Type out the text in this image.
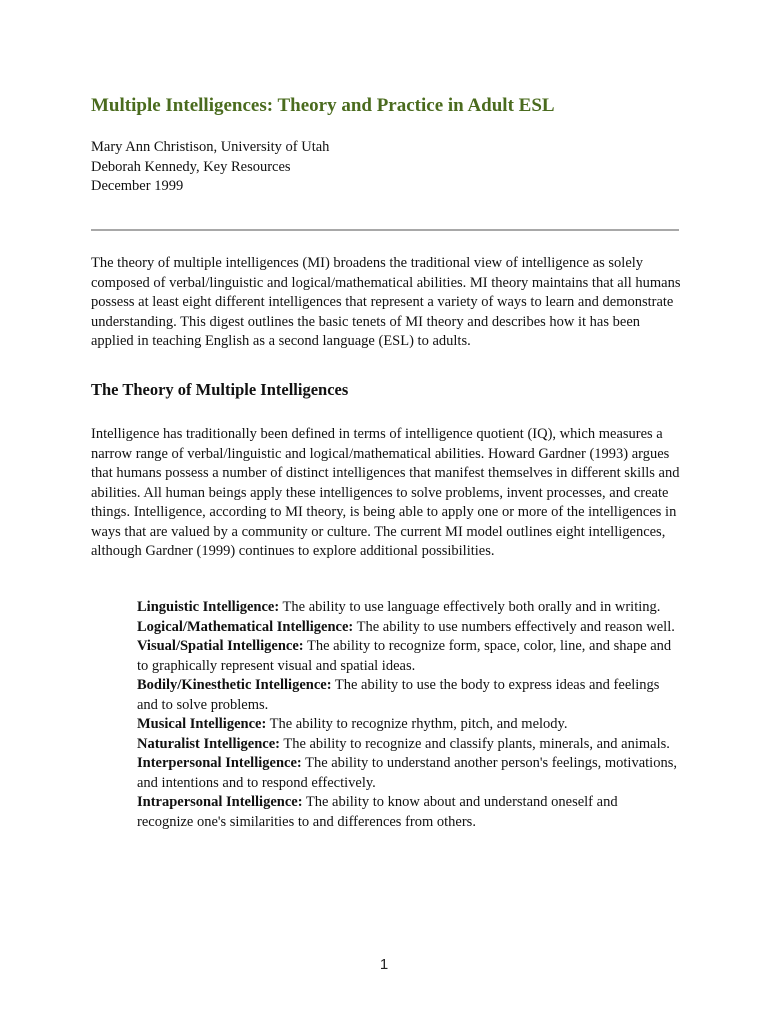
Multiple Intelligences: Theory and Practice in Adult ESL
Mary Ann Christison, University of Utah
Deborah Kennedy, Key Resources
December 1999

The theory of multiple intelligences (MI) broadens the traditional view of intelligence as solely composed of verbal/linguistic and logical/mathematical abilities. MI theory maintains that all humans possess at least eight different intelligences that represent a variety of ways to learn and demonstrate understanding. This digest outlines the basic tenets of MI theory and describes how it has been applied in teaching English as a second language (ESL) to adults.

The Theory of Multiple Intelligences

Intelligence has traditionally been defined in terms of intelligence quotient (IQ), which measures a narrow range of verbal/linguistic and logical/mathematical abilities. Howard Gardner (1993) argues that humans possess a number of distinct intelligences that manifest themselves in different skills and abilities. All human beings apply these intelligences to solve problems, invent processes, and create things. Intelligence, according to MI theory, is being able to apply one or more of the intelligences in ways that are valued by a community or culture. The current MI model outlines eight intelligences, although Gardner (1999) continues to explore additional possibilities.

Linguistic Intelligence: The ability to use language effectively both orally and in writing.
Logical/Mathematical Intelligence: The ability to use numbers effectively and reason well.
Visual/Spatial Intelligence: The ability to recognize form, space, color, line, and shape and to graphically represent visual and spatial ideas.
Bodily/Kinesthetic Intelligence: The ability to use the body to express ideas and feelings and to solve problems.
Musical Intelligence: The ability to recognize rhythm, pitch, and melody.
Naturalist Intelligence: The ability to recognize and classify plants, minerals, and animals.
Interpersonal Intelligence: The ability to understand another person's feelings, motivations, and intentions and to respond effectively.
Intrapersonal Intelligence: The ability to know about and understand oneself and recognize one's similarities to and differences from others.
1
